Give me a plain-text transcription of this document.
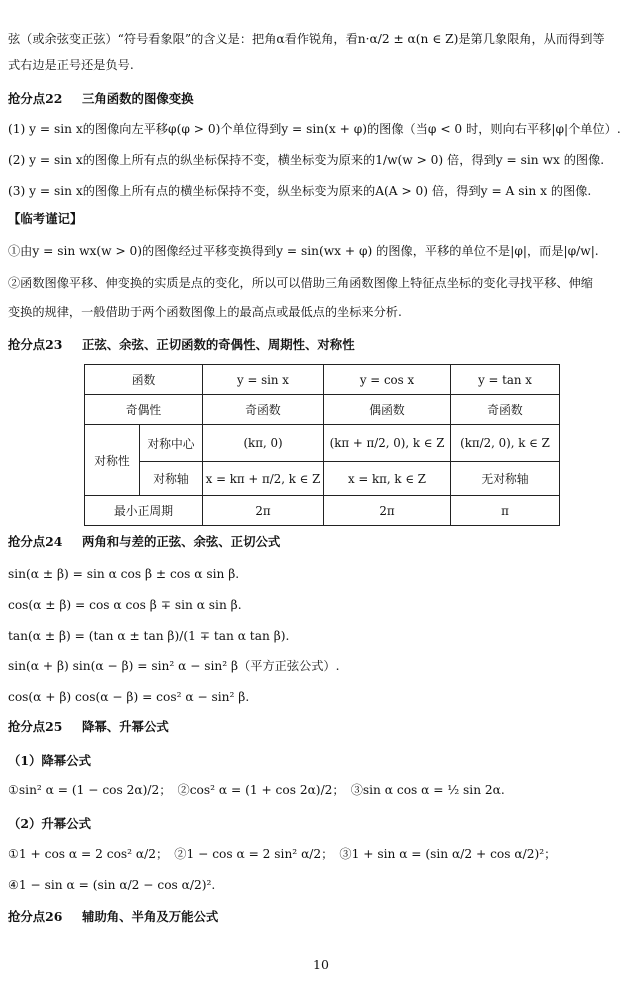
弦（或余弦变正弦）“符号看象限”的含义是：把角α看作锐角，看n·α/2 ± α(n ∈ Z)是第几象限角，从而得到等
式右边是正号还是负号.
抢分点22 三角函数的图像变换
(1) y = sin x的图像向左平移φ(φ > 0)个单位得到y = sin(x + φ)的图像（当φ < 0 时，则向右平移|φ|个单位）.
(2) y = sin x的图像上所有点的纵坐标保持不变，横坐标变为原来的1/w(w > 0) 倍，得到y = sin wx 的图像.
(3) y = sin x的图像上所有点的横坐标保持不变，纵坐标变为原来的A(A > 0) 倍，得到y = A sin x 的图像.
【临考谨记】
①由y = sin wx(w > 0)的图像经过平移变换得到y = sin(wx + φ) 的图像，平移的单位不是|φ|，而是|φ/w|.
②函数图像平移、伸变换的实质是点的变化，所以可以借助三角函数图像上特征点坐标的变化寻找平移、伸缩
变换的规律，一般借助于两个函数图像上的最高点或最低点的坐标来分析.
抢分点23 正弦、余弦、正切函数的奇偶性、周期性、对称性
函数		y = sin x	y = cos x	y = tan x
奇偶性		奇函数	偶函数	奇函数
对称性	对称中心	(kπ, 0)	(kπ + π/2, 0), k ∈ Z	(kπ/2, 0), k ∈ Z
	对称轴	x = kπ + π/2, k ∈ Z	x = kπ, k ∈ Z	无对称轴
最小正周期		2π	2π	π
抢分点24 两角和与差的正弦、余弦、正切公式
sin(α ± β) = sin α cos β ± cos α sin β.
cos(α ± β) = cos α cos β ∓ sin α sin β.
tan(α ± β) = (tan α ± tan β)/(1 ∓ tan α tan β).
sin(α + β) sin(α − β) = sin² α − sin² β（平方正弦公式）.
cos(α + β) cos(α − β) = cos² α − sin² β.
抢分点25 降幂、升幂公式
（1）降幂公式
①sin² α = (1 − cos 2α)/2；　②cos² α = (1 + cos 2α)/2；　③sin α cos α = ½ sin 2α.
（2）升幂公式
①1 + cos α = 2 cos² α/2；　②1 − cos α = 2 sin² α/2；　③1 + sin α = (sin α/2 + cos α/2)²；
④1 − sin α = (sin α/2 − cos α/2)².
抢分点26 辅助角、半角及万能公式
10
